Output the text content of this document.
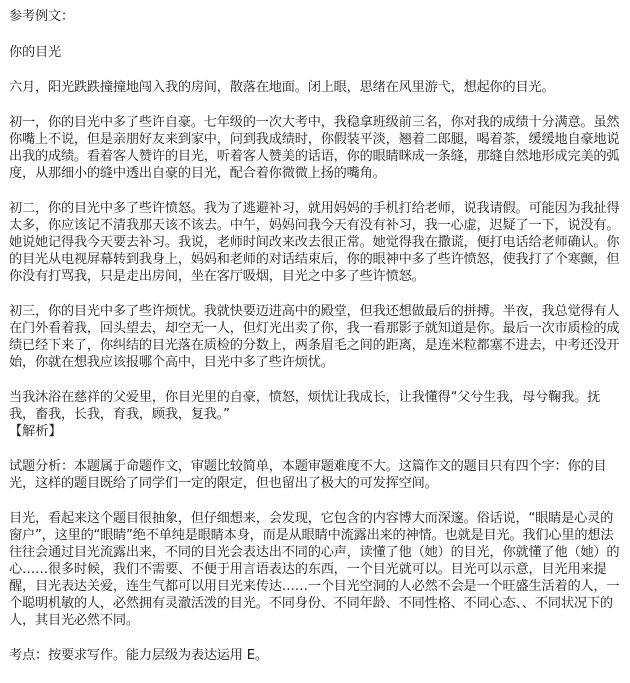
参考例文：

你的目光

六月，阳光跌跌撞撞地闯入我的房间，散落在地面。闭上眼，思绪在风里游弋，想起你的目光。

初一，你的目光中多了些许自豪。七年级的一次大考中，我稳拿班级前三名，你对我的成绩十分满意。虽然你嘴上不说，但是亲朋好友来到家中，问到我成绩时，你假装平淡，翘着二郎腿，喝着茶，缓缓地自豪地说出我的成绩。看着客人赞许的目光，听着客人赞美的话语，你的眼睛眯成一条缝，那缝自然地形成完美的弧度，从那细小的缝中透出自豪的目光，配合着你微微上扬的嘴角。

初二，你的目光中多了些许愤怒。我为了逃避补习，就用妈妈的手机打给老师，说我请假。可能因为我扯得太多，你应该记不清我那天该不该去。中午，妈妈问我今天有没有补习，我一心虚，迟疑了一下，说没有。她说她记得我今天要去补习。我说，老师时间改来改去很正常。她觉得我在撒谎，便打电话给老师确认。你的目光从电视屏幕转到我身上，妈妈和老师的对话结束后，你的眼神中多了些许愤怒，使我打了个寒颤，但你没有打骂我，只是走出房间，坐在客厅吸烟，目光之中多了些许愤怒。

初三，你的目光中多了些许烦忧。我就快要迈进高中的殿堂，但我还想做最后的拼搏。半夜，我总觉得有人在门外看着我，回头望去，却空无一人，但灯光出卖了你，我一看那影子就知道是你。最后一次市质检的成绩已经下来了，你纠结的目光落在质检的分数上，两条眉毛之间的距离，是连米粒都塞不进去，中考还没开始，你就在想我应该报哪个高中，目光中多了些许烦忧。

当我沐浴在慈祥的父爱里，你目光里的自豪，愤怒，烦忧让我成长，让我懂得“父兮生我，母兮鞠我。抚我，畜我，长我，育我，顾我，复我。”

【解析】

试题分析：本题属于命题作文，审题比较简单，本题审题难度不大。这篇作文的题目只有四个字：你的目光，这样的题目既给了同学们一定的限定，但也留出了极大的可发挥空间。

目光，看起来这个题目很抽象，但仔细想来，会发现，它包含的内容博大而深邃。俗话说，“眼睛是心灵的窗户”，这里的“眼睛”绝不单纯是眼睛本身，而是从眼睛中流露出来的神情。也就是目光。我们心里的想法往往会通过目光流露出来，不同的目光会表达出不同的心声，读懂了他（她）的目光，你就懂了他（她）的心……很多时候，我们不需要、不便于用言语表达的东西，一个目光就可以。目光可以示意，目光用来提醒，目光表达关爱，连生气都可以用目光来传达……一个目光空洞的人必然不会是一个旺盛生活着的人，一个聪明机敏的人，必然拥有灵澈活泼的目光。不同身份、不同年龄、不同性格、不同心态、、不同状况下的人，其目光必然不同。

考点：按要求写作。能力层级为表达运用 E。
